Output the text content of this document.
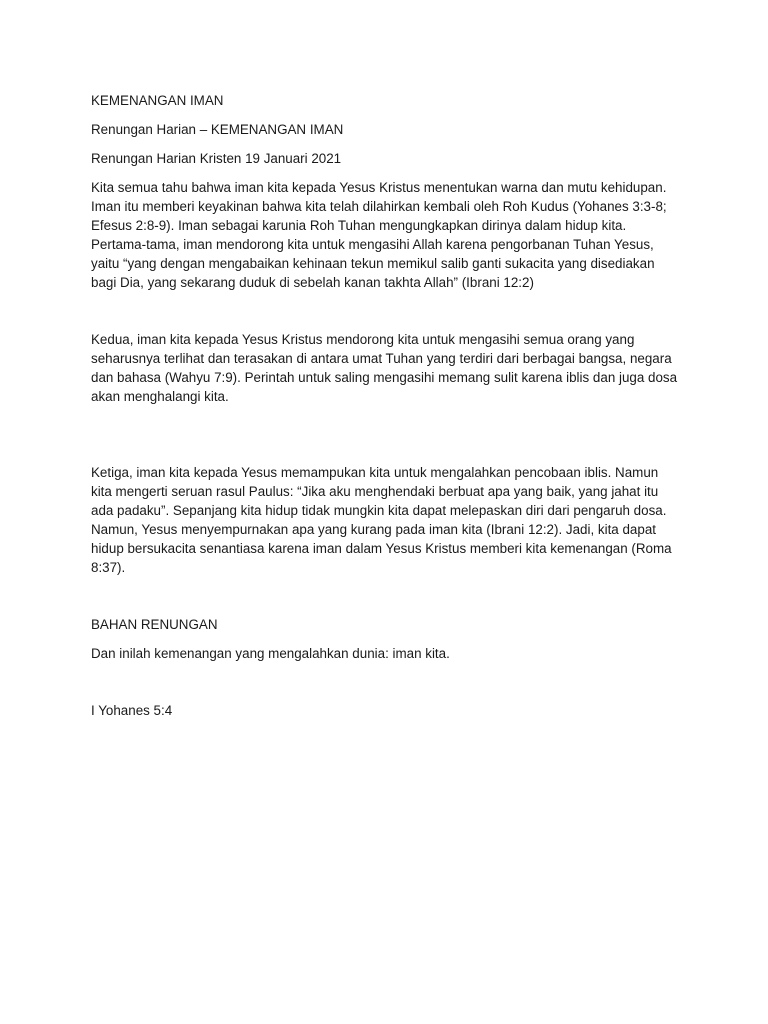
KEMENANGAN IMAN

Renungan Harian – KEMENANGAN IMAN

Renungan Harian Kristen 19 Januari 2021

Kita semua tahu bahwa iman kita kepada Yesus Kristus menentukan warna dan mutu kehidupan. Iman itu memberi keyakinan bahwa kita telah dilahirkan kembali oleh Roh Kudus (Yohanes 3:3-8; Efesus 2:8-9). Iman sebagai karunia Roh Tuhan mengungkapkan dirinya dalam hidup kita. Pertama-tama, iman mendorong kita untuk mengasihi Allah karena pengorbanan Tuhan Yesus, yaitu “yang dengan mengabaikan kehinaan tekun memikul salib ganti sukacita yang disediakan bagi Dia, yang sekarang duduk di sebelah kanan takhta Allah” (Ibrani 12:2)

Kedua, iman kita kepada Yesus Kristus mendorong kita untuk mengasihi semua orang yang seharusnya terlihat dan terasakan di antara umat Tuhan yang terdiri dari berbagai bangsa, negara dan bahasa (Wahyu 7:9). Perintah untuk saling mengasihi memang sulit karena iblis dan juga dosa akan menghalangi kita.

Ketiga, iman kita kepada Yesus memampukan kita untuk mengalahkan pencobaan iblis. Namun kita mengerti seruan rasul Paulus: “Jika aku menghendaki berbuat apa yang baik, yang jahat itu ada padaku”. Sepanjang kita hidup tidak mungkin kita dapat melepaskan diri dari pengaruh dosa. Namun, Yesus menyempurnakan apa yang kurang pada iman kita (Ibrani 12:2). Jadi, kita dapat hidup bersukacita senantiasa karena iman dalam Yesus Kristus memberi kita kemenangan (Roma 8:37).

BAHAN RENUNGAN

Dan inilah kemenangan yang mengalahkan dunia: iman kita.

I Yohanes 5:4
